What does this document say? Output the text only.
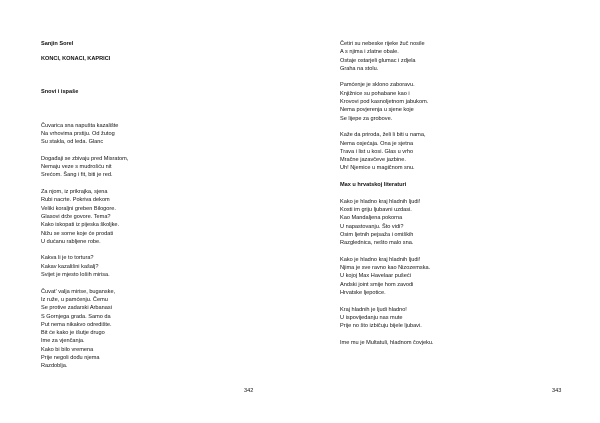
Sanjin Sorel
KONCI, KONACI, KAPRICI
Snovi i ispaše
Čuvarica sna napušta kazalište
Na vrhovima prstiju. Od žutog
Su stakla, od leda. Glanc
Događaji se zbivaju pred Misratom,
Nemaju veze s mudrošću nit
Srećom. Šang i fit, biti je red.
Za njom, iz prikrajka, sjena
Rubi nacrte. Pokriva dekom
Veliki koraljni greben Bilogore.
Glasovi drže govore. Tema?
Kako iskopati iz pijeska školjke.
Nižu se sorne koje će prodati
U dućanu rabljene robe.
Kakva li je to tortura?
Kakav kazališni kašalj?
Svijet je mjesto loših mirisa.
Čuvat' valja mirise, buganske,
Iz ruže, u pamćenju. Čemu
Se protive zadarski Arbanasi
S Gornjega grada. Samo da
Put nema nikakvo odredište.
Bit će kako je išutje drugo
Ime za vjenčanja.
Kako bi bilo vremena
Prije negoli dođu njema
Razdoblja.
342
Četiri su nebeske rijeke žuč nosile
A s njima i zlatne obale.
Ostaje ostarjeli glumac i zdjela
Graha na stolu.
Pamćenje je sklono zaboravu.
Knjižnice su pohabane kao i
Krovovi pod kasnoljetnom jabukom.
Nema povjerenja u sjene koje
Se lijepe za grobove.
Kaže da priroda, želi li biti u nama,
Nema osjećaja. Ona je sjetna
Trava i list u kosi. Glas u vrho
Mračne jazavčeve jazbine.
Uh! Njemice u magičnom snu.
Max u hrvatskoj literaturi
Kako je hladno kraj hladnih ljudi!
Kosti im griju ljubavni uzdasi.
Kao Mandaljena pokorna
U napastovanju. Što vidi?
Osim ljetnih pejsaža i omiških
Razglednica, nešto malo sna.
Kako je hladno kraj hladnih ljudi!
Njima je sve ravno kao Nizozemska.
U kojoj Max Havelaar pušeći
Andski joint smije hom zavodi
Hrvatske ljepotice.
Kraj hladnih je ljudi hladno!
U ispovijedanju nas mute
Prije no što izbičuju bijele ljubavi.
Ime mu je Multatuli, hladnom čovjeku.
343
